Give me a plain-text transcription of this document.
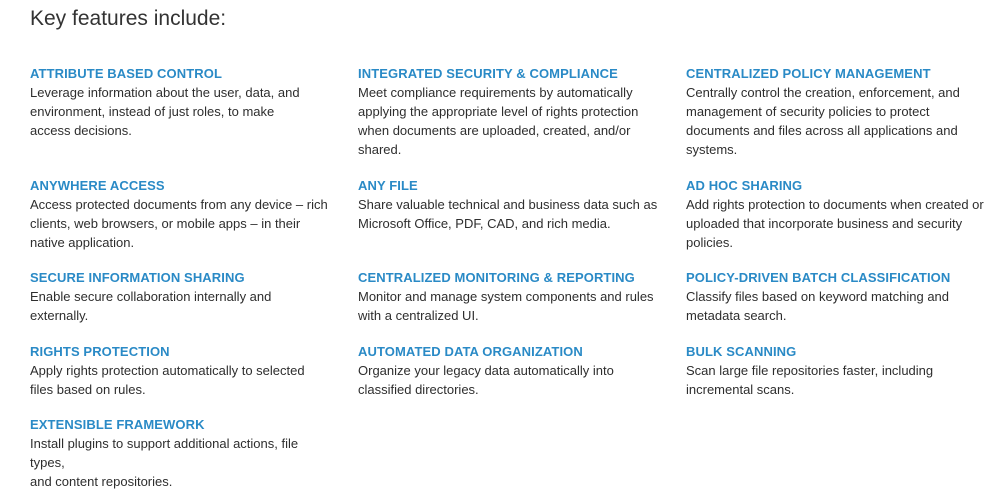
Key features include:
ATTRIBUTE BASED CONTROL

Leverage information about the user, data, and
environment, instead of just roles, to make
access decisions.

INTEGRATED SECURITY & COMPLIANCE

Meet compliance requirements by automatically
applying the appropriate level of rights protection
when documents are uploaded, created, and/or
shared.

CENTRALIZED POLICY MANAGEMENT

Centrally control the creation, enforcement, and
management of security policies to protect
documents and files across all applications and
systems.

ANYWHERE ACCESS

Access protected documents from any device – rich
clients, web browsers, or mobile apps – in their
native application.

ANY FILE

Share valuable technical and business data such as
Microsoft Office, PDF, CAD, and rich media.

AD HOC SHARING

Add rights protection to documents when created or
uploaded that incorporate business and security
policies.

SECURE INFORMATION SHARING

Enable secure collaboration internally and externally.

CENTRALIZED MONITORING & REPORTING

Monitor and manage system components and rules
with a centralized UI.

POLICY-DRIVEN BATCH CLASSIFICATION

Classify files based on keyword matching and
metadata search.

RIGHTS PROTECTION

Apply rights protection automatically to selected
files based on rules.

AUTOMATED DATA ORGANIZATION

Organize your legacy data automatically into
classified directories.

BULK SCANNING

Scan large file repositories faster, including
incremental scans.

EXTENSIBLE FRAMEWORK

Install plugins to support additional actions, file types,
and content repositories.
